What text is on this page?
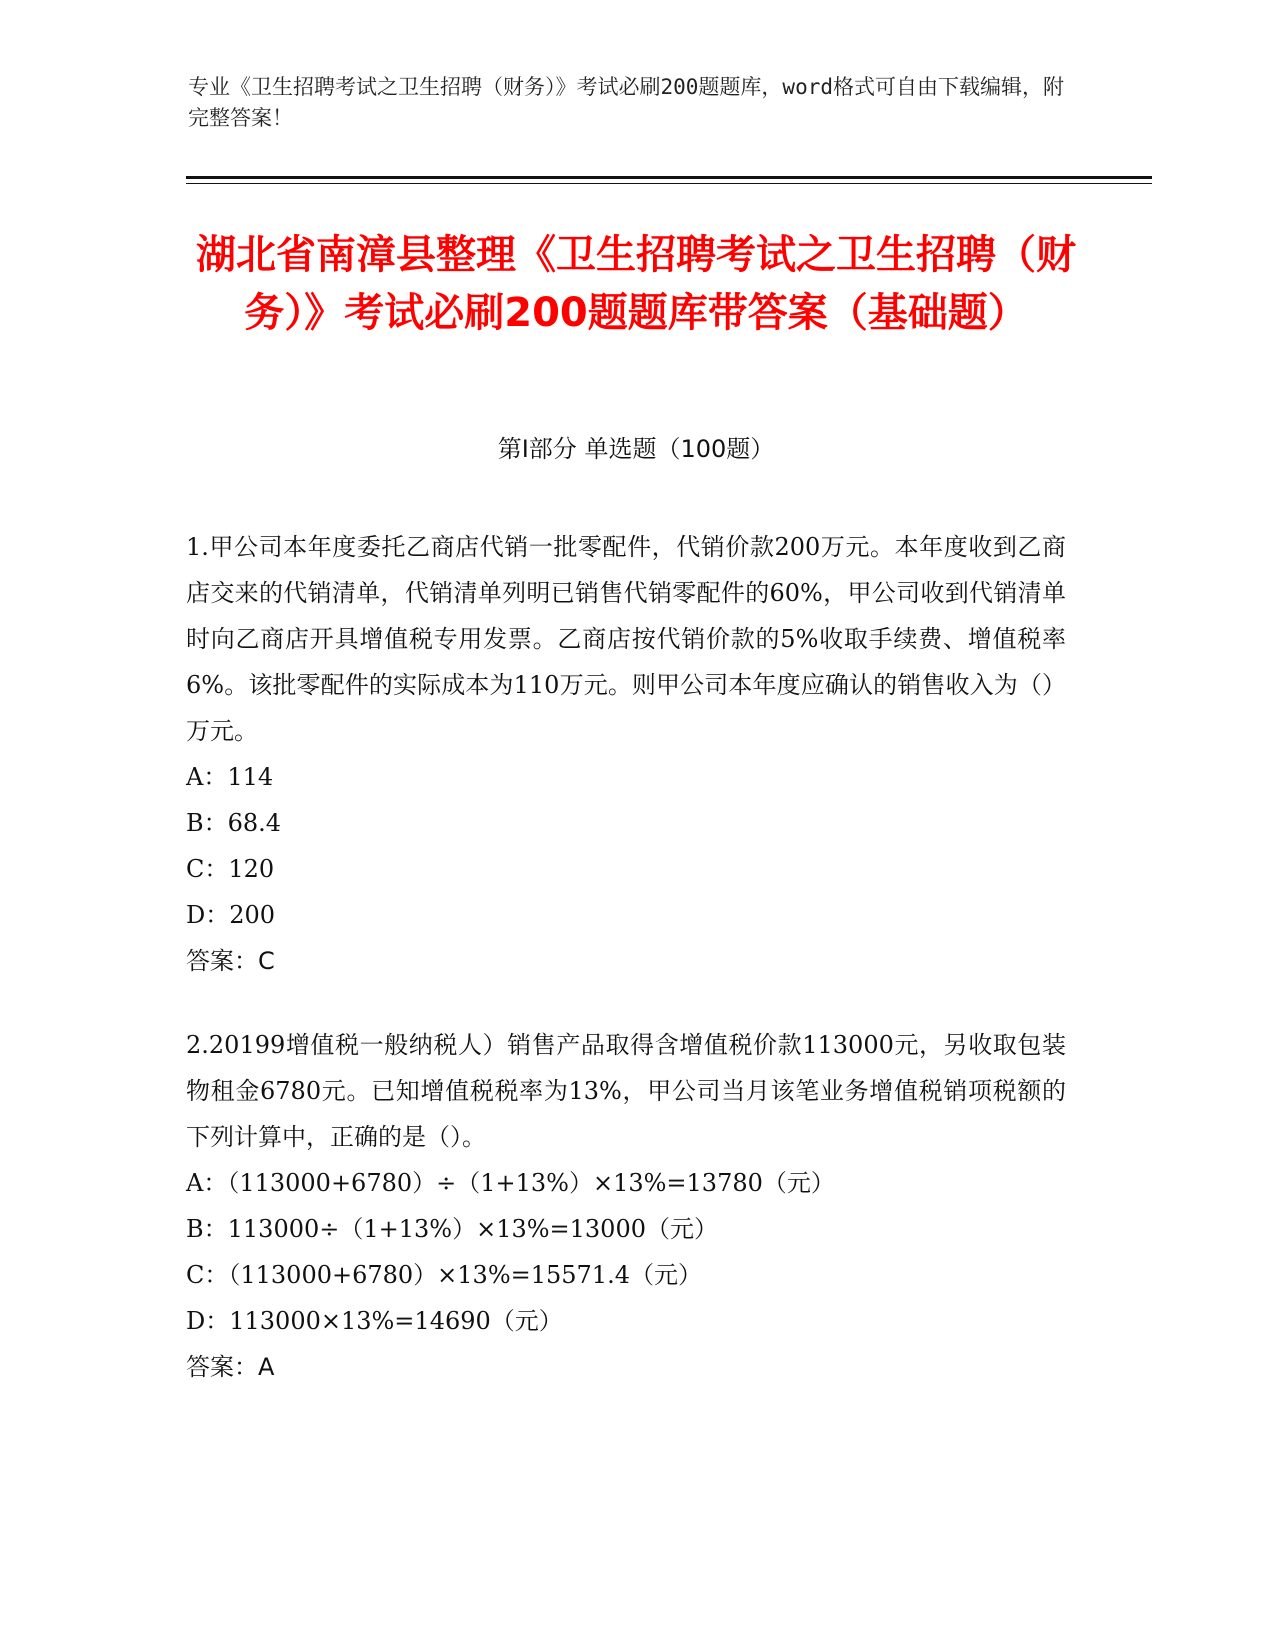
专业《卫生招聘考试之卫生招聘（财务）》考试必刷200题题库，word格式可自由下载编辑，附完整答案！
湖北省南漳县整理《卫生招聘考试之卫生招聘（财务）》考试必刷200题题库带答案（基础题）
第Ⅰ部分 单选题（100题）

1.甲公司本年度委托乙商店代销一批零配件，代销价款200万元。本年度收到乙商店交来的代销清单，代销清单列明已销售代销零配件的60%，甲公司收到代销清单时向乙商店开具增值税专用发票。乙商店按代销价款的5%收取手续费、增值税率6%。该批零配件的实际成本为110万元。则甲公司本年度应确认的销售收入为（）万元。

A：114

B：68.4

C：120

D：200

答案：C

2.20199增值税一般纳税人）销售产品取得含增值税价款113000元，另收取包装物租金6780元。已知增值税税率为13%，甲公司当月该笔业务增值税销项税额的下列计算中，正确的是（）。

A：（113000+6780）÷（1+13%）×13%=13780（元）

B：113000÷（1+13%）×13%=13000（元）

C：（113000+6780）×13%=15571.4（元）

D：113000×13%=14690（元）

答案：A
